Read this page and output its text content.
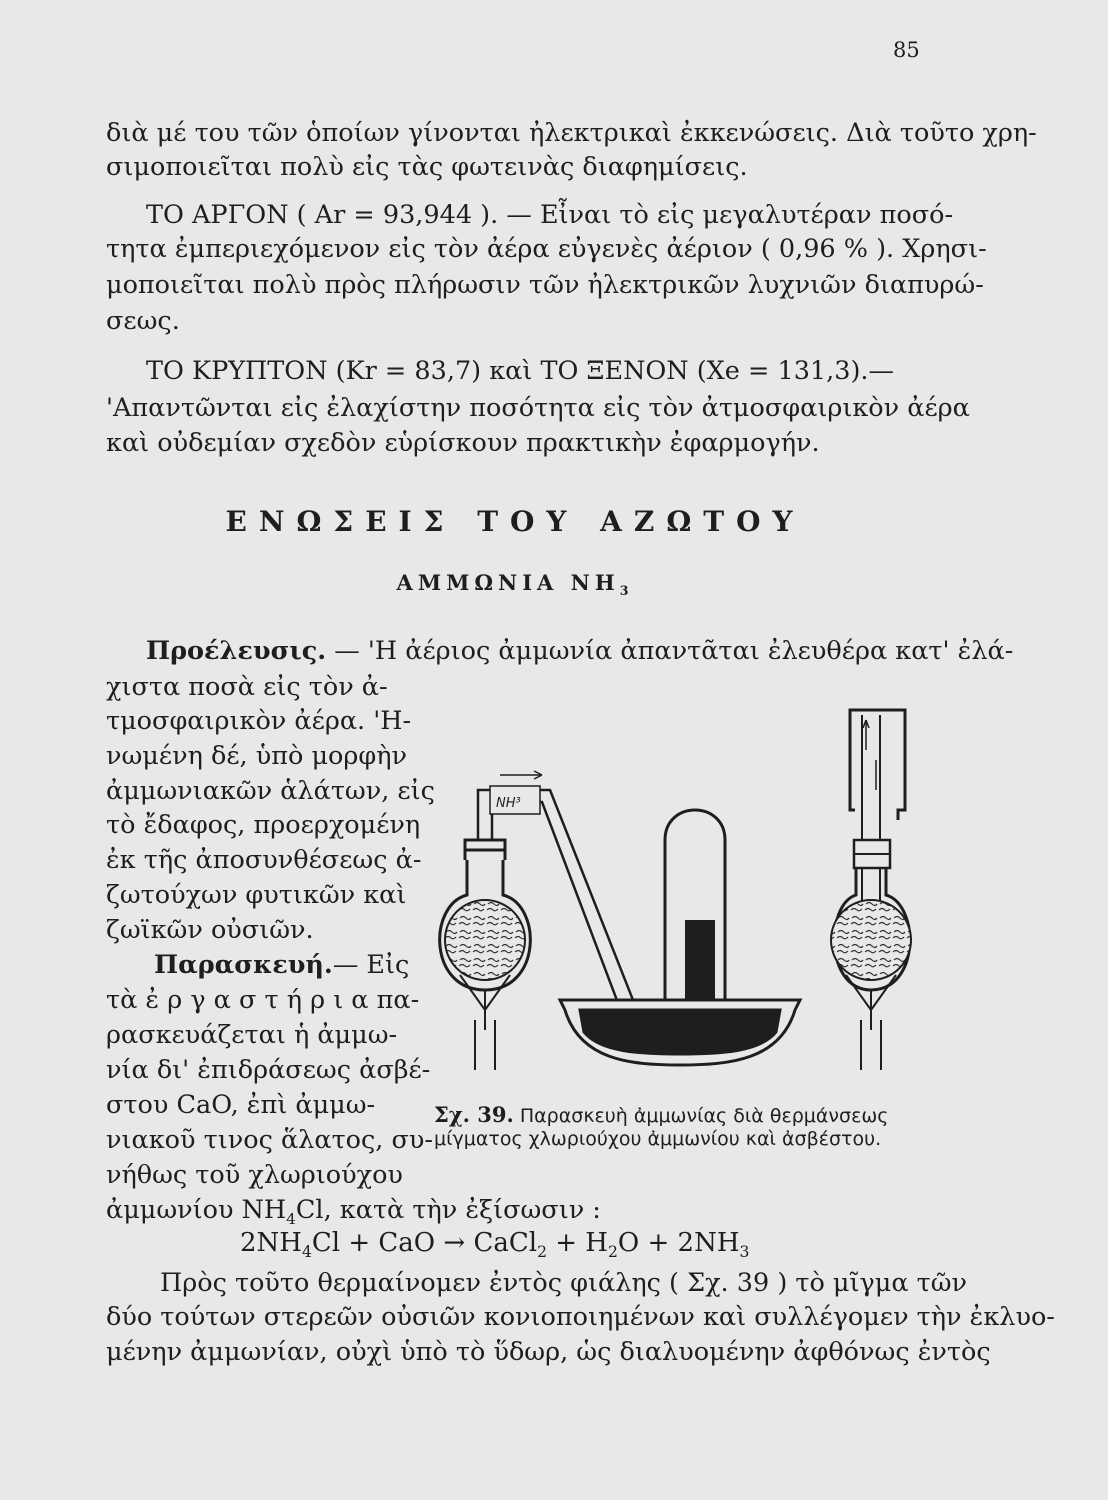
85
διὰ μέ του τῶν ὁποίων γίνονται ἠλεκτρικαὶ ἐκκενώσεις. Διὰ τοῦτο χρη-
σιμοποιεῖται πολὺ εἰς τὰς φωτεινὰς διαφημίσεις.
ΤΟ ΑΡΓΟΝ ( Ar = 93,944 ). — Εἶναι τὸ εἰς μεγαλυτέραν ποσό-
τητα ἐμπεριεχόμενον εἰς τὸν ἀέρα εὐγενὲς ἀέριον ( 0,96 % ). Χρησι-
μοποιεῖται πολὺ πρὸς πλήρωσιν τῶν ἠλεκτρικῶν λυχνιῶν διαπυρώ-
σεως.
ΤΟ ΚΡΥΠΤΟΝ (Kr = 83,7) καὶ ΤΟ ΞΕΝΟΝ (Xe = 131,3).—
'Απαντῶνται εἰς ἐλαχίστην ποσότητα εἰς τὸν ἀτμοσφαιρικὸν ἀέρα
καὶ οὐδεμίαν σχεδὸν εὑρίσκουν πρακτικὴν ἐφαρμογήν.
ΕΝΩΣΕΙΣ ΤΟΥ ΑΖΩΤΟΥ
ΑΜΜΩΝΙΑ $NH_3$
Προέλευσις. — 'Η ἀέριος ἀμμωνία ἀπαντᾶται ἐλευθέρα κατ' ἐλά-
χιστα ποσὰ εἰς τὸν ἀ-
τμοσφαιρικὸν ἀέρα. 'Η-
νωμένη δέ, ὑπὸ μορφὴν
ἀμμωνιακῶν ἁλάτων, εἰς
τὸ ἔδαφος, προερχομένη
ἐκ τῆς ἀποσυνθέσεως ἀ-
ζωτούχων φυτικῶν καὶ
ζωϊκῶν οὐσιῶν.
Παρασκευή.— Εἰς
τὰ ἐ ρ γ α σ τ ή ρ ι α πα-
ρασκευάζεται ἡ ἀμμω-
νία δι' ἐπιδράσεως ἀσβέ-
στου CaO, ἐπὶ ἀμμω-
νιακοῦ τινος ἅλατος, συ-
νήθως τοῦ χλωριούχου
ἀμμωνίου $NH_4Cl$, κατὰ τὴν ἐξίσωσιν :
NH³
Σχ. 39. Παρασκευὴ ἀμμωνίας διὰ θερμάνσεως
μίγματος χλωριούχου ἀμμωνίου καὶ ἀσβέστου.
$2NH_4Cl$ + CaO → CaCl$_2$ + $H_2O + 2NH_3$
Πρὸς τοῦτο θερμαίνομεν ἐντὸς φιάλης ( Σχ. 39 ) τὸ μῖγμα τῶν
δύο τούτων στερεῶν οὐσιῶν κονιοποιημένων καὶ συλλέγομεν τὴν ἐκλυο-
μένην ἀμμωνίαν, οὐχὶ ὑπὸ τὸ ὕδωρ, ὡς διαλυομένην ἀφθόνως ἐντὸς
